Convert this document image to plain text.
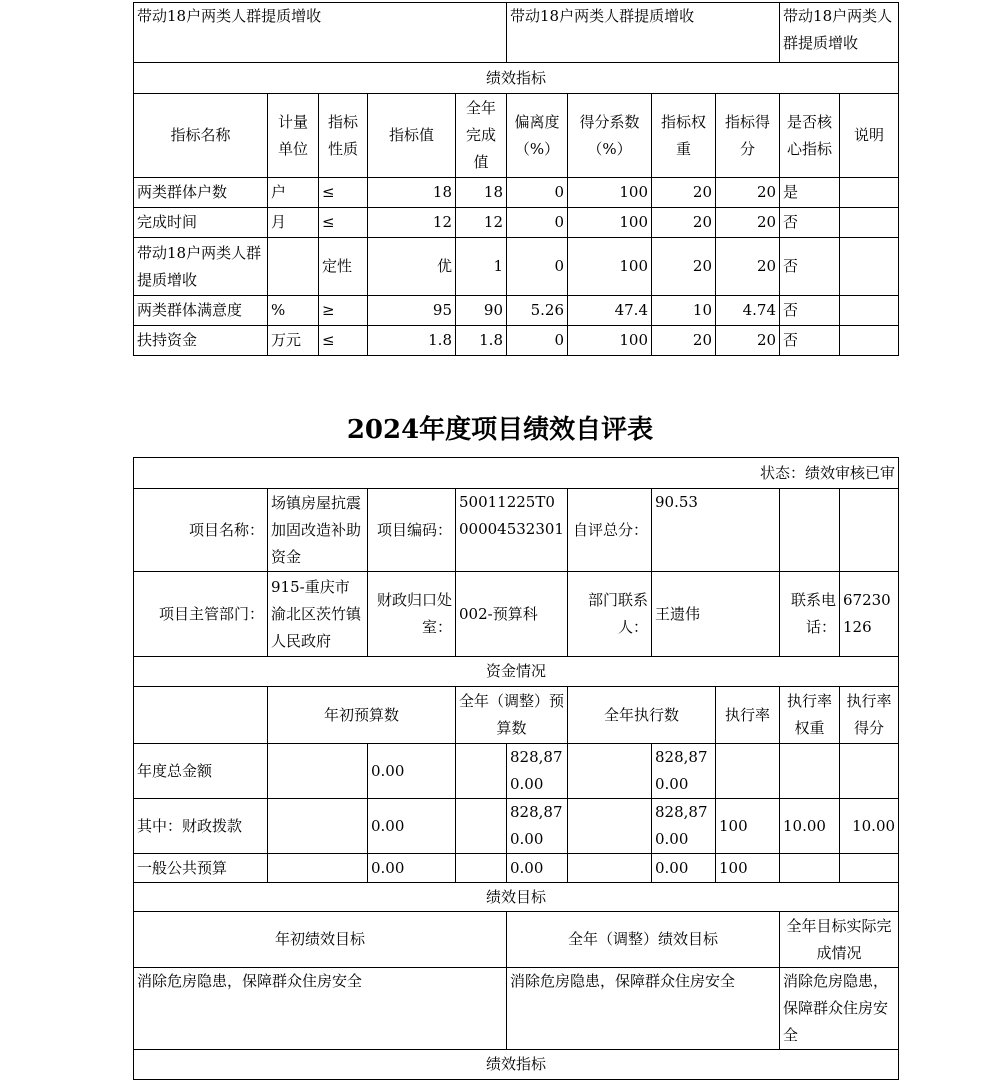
带动18户两类人群提质增收					带动18户两类人群提质增收				带动18户两类人群提质增收	
绩效指标										
指标名称	计量单位	指标性质	指标值	全年完成值	偏离度（%）	得分系数（%）	指标权重	指标得分	是否核心指标	说明
两类群体户数	户	≤	18	18	0	100	20	20	是	
完成时间	月	≤	12	12	0	100	20	20	否	
带动18户两类人群提质增收		定性	优	1	0	100	20	20	否	
两类群体满意度	%	≥	95	90	5.26	47.4	10	4.74	否	
扶持资金	万元	≤	1.8	1.8	0	100	20	20	否	
2024年度项目绩效自评表
状态：绩效审核已审									
项目名称：	场镇房屋抗震加固改造补助资金	项目编码：	50011225T000004532301		自评总分：	90.53			
项目主管部门：	915-重庆市渝北区茨竹镇人民政府	财政归口处室：	002-预算科		部门联系人：	王遗伟		联系电话：	67230126
资金情况									
	年初预算数		全年（调整）预算数		全年执行数		执行率	执行率权重	执行率得分
年度总金额		0.00		828,870.00		828,870.00			
其中：财政拨款		0.00		828,870.00		828,870.00	100	10.00	10.00
一般公共预算		0.00		0.00		0.00	100		
绩效目标									
年初绩效目标				全年（调整）绩效目标				全年目标实际完成情况	
消除危房隐患，保障群众住房安全				消除危房隐患，保障群众住房安全				消除危房隐患，保障群众住房安全	
绩效指标									
